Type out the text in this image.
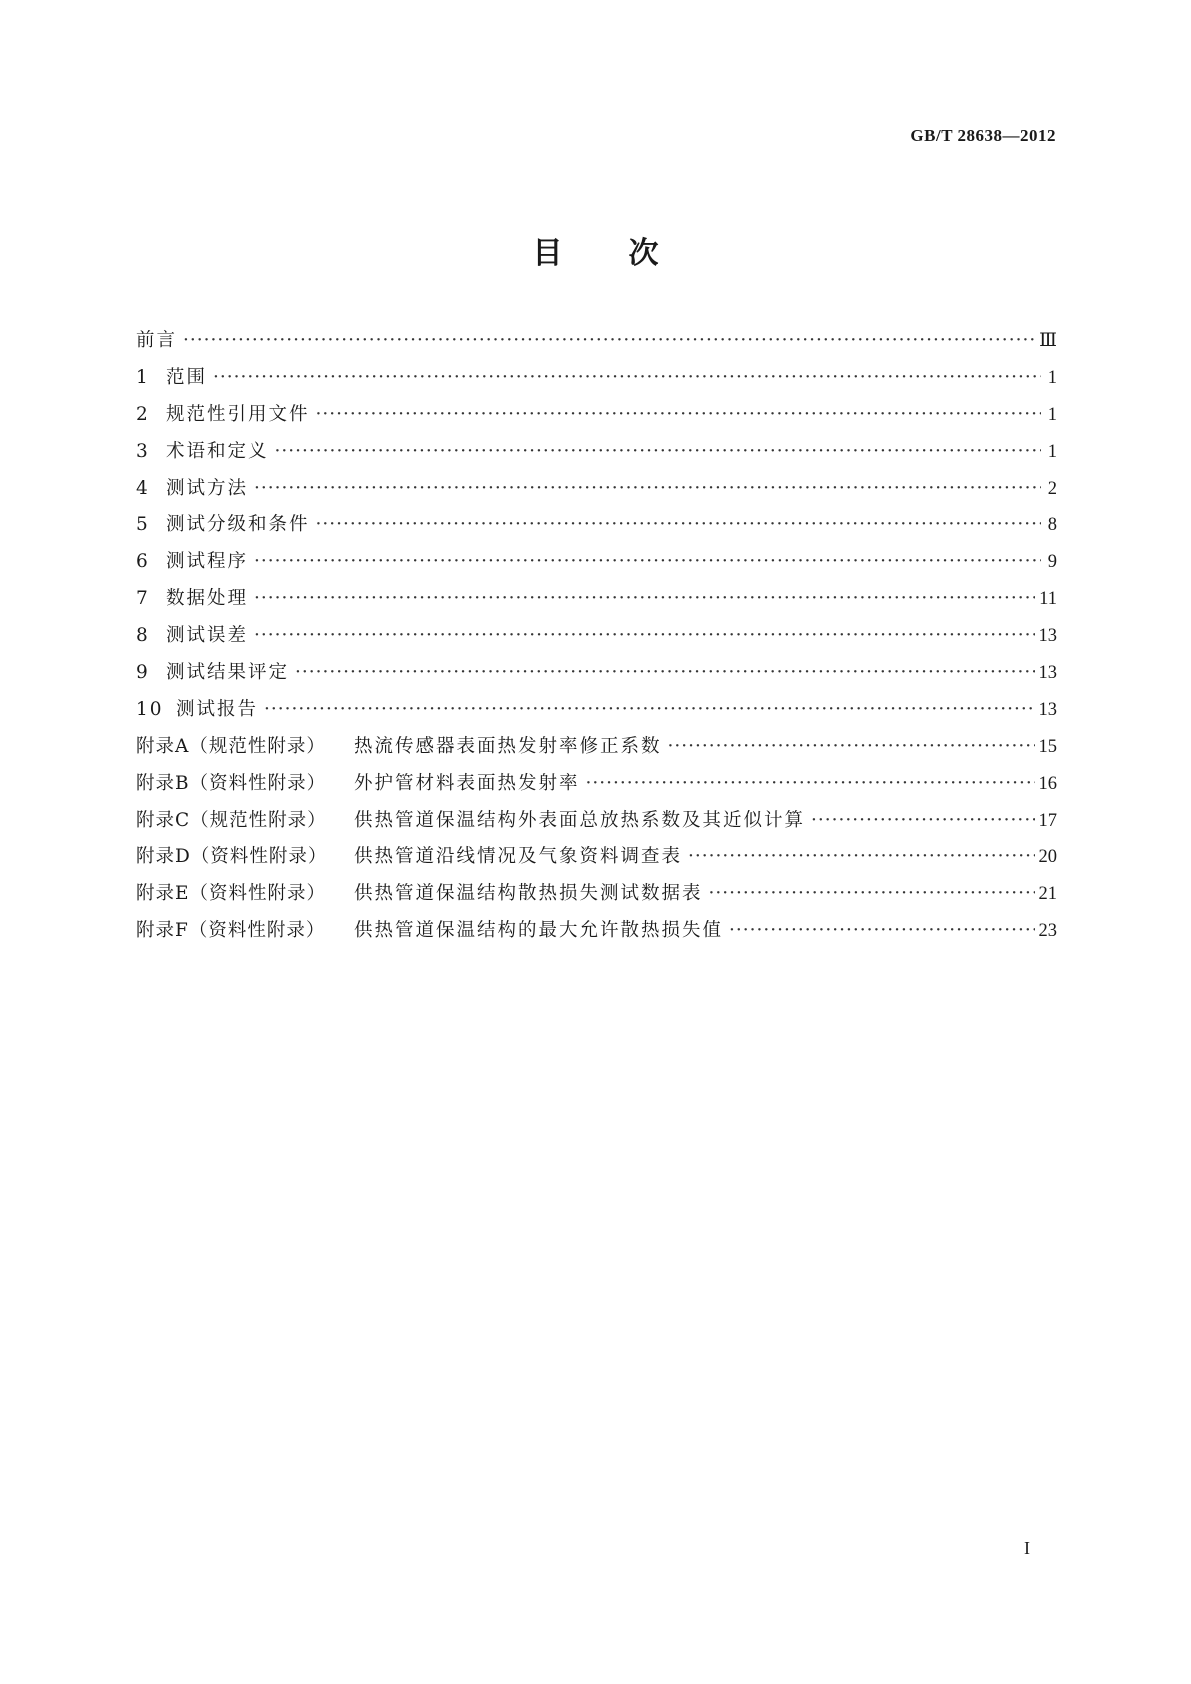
GB/T 28638—2012
目次
前言 ·····	Ⅲ
1 范围 ·····	1
2 规范性引用文件 ·····	1
3 术语和定义 ·····	1
4 测试方法 ·····	2
5 测试分级和条件 ·····	8
6 测试程序 ·····	9
7 数据处理 ·····	11
8 测试误差 ·····	13
9 测试结果评定 ·····	13
10 测试报告 ·····	13
附录A（规范性附录） 热流传感器表面热发射率修正系数 ·····	15
附录B（资料性附录） 外护管材料表面热发射率 ·····	16
附录C（规范性附录） 供热管道保温结构外表面总放热系数及其近似计算 ·····	17
附录D（资料性附录） 供热管道沿线情况及气象资料调查表 ·····	20
附录E（资料性附录） 供热管道保温结构散热损失测试数据表 ·····	21
附录F（资料性附录） 供热管道保温结构的最大允许散热损失值 ·····	23
I
